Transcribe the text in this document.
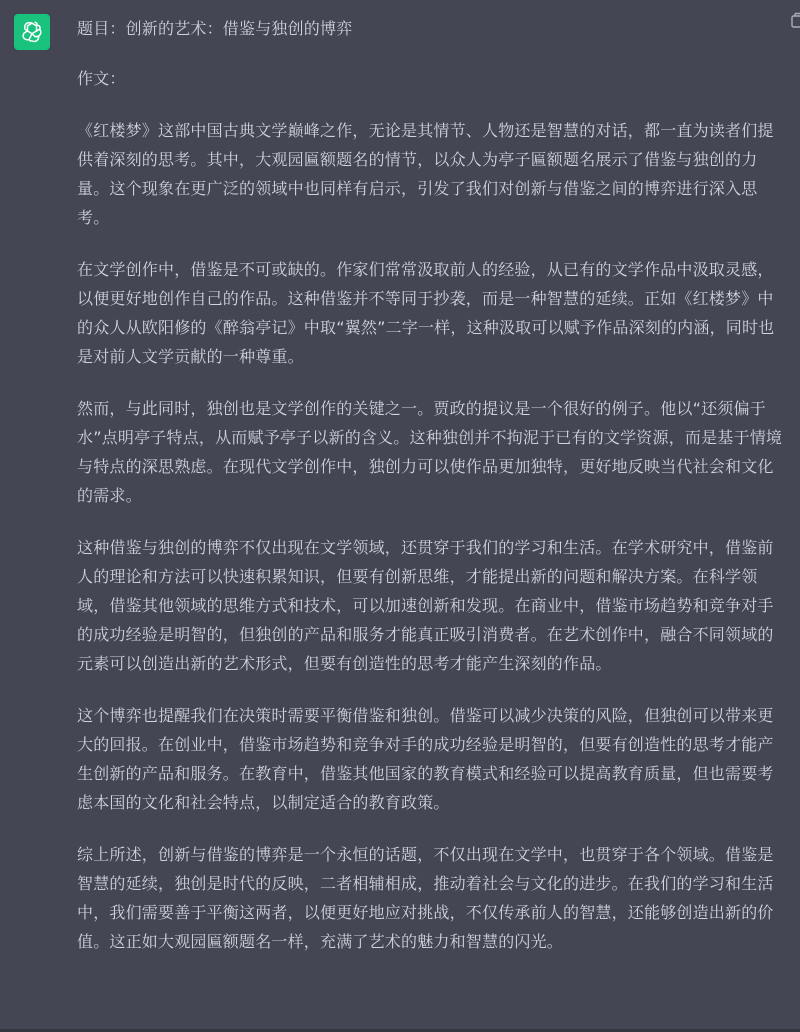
题目：创新的艺术：借鉴与独创的博弈

作文：

《红楼梦》这部中国古典文学巅峰之作，无论是其情节、人物还是智慧的对话，都一直为读者们提供着深刻的思考。其中，大观园匾额题名的情节，以众人为亭子匾额题名展示了借鉴与独创的力量。这个现象在更广泛的领域中也同样有启示，引发了我们对创新与借鉴之间的博弈进行深入思考。

在文学创作中，借鉴是不可或缺的。作家们常常汲取前人的经验，从已有的文学作品中汲取灵感，以便更好地创作自己的作品。这种借鉴并不等同于抄袭，而是一种智慧的延续。正如《红楼梦》中的众人从欧阳修的《醉翁亭记》中取“翼然”二字一样，这种汲取可以赋予作品深刻的内涵，同时也是对前人文学贡献的一种尊重。

然而，与此同时，独创也是文学创作的关键之一。贾政的提议是一个很好的例子。他以“还须偏于水”点明亭子特点，从而赋予亭子以新的含义。这种独创并不拘泥于已有的文学资源，而是基于情境与特点的深思熟虑。在现代文学创作中，独创力可以使作品更加独特，更好地反映当代社会和文化的需求。

这种借鉴与独创的博弈不仅出现在文学领域，还贯穿于我们的学习和生活。在学术研究中，借鉴前人的理论和方法可以快速积累知识，但要有创新思维，才能提出新的问题和解决方案。在科学领域，借鉴其他领域的思维方式和技术，可以加速创新和发现。在商业中，借鉴市场趋势和竞争对手的成功经验是明智的，但独创的产品和服务才能真正吸引消费者。在艺术创作中，融合不同领域的元素可以创造出新的艺术形式，但要有创造性的思考才能产生深刻的作品。

这个博弈也提醒我们在决策时需要平衡借鉴和独创。借鉴可以减少决策的风险，但独创可以带来更大的回报。在创业中，借鉴市场趋势和竞争对手的成功经验是明智的，但要有创造性的思考才能产生创新的产品和服务。在教育中，借鉴其他国家的教育模式和经验可以提高教育质量，但也需要考虑本国的文化和社会特点，以制定适合的教育政策。

综上所述，创新与借鉴的博弈是一个永恒的话题，不仅出现在文学中，也贯穿于各个领域。借鉴是智慧的延续，独创是时代的反映，二者相辅相成，推动着社会与文化的进步。在我们的学习和生活中，我们需要善于平衡这两者，以便更好地应对挑战，不仅传承前人的智慧，还能够创造出新的价值。这正如大观园匾额题名一样，充满了艺术的魅力和智慧的闪光。
